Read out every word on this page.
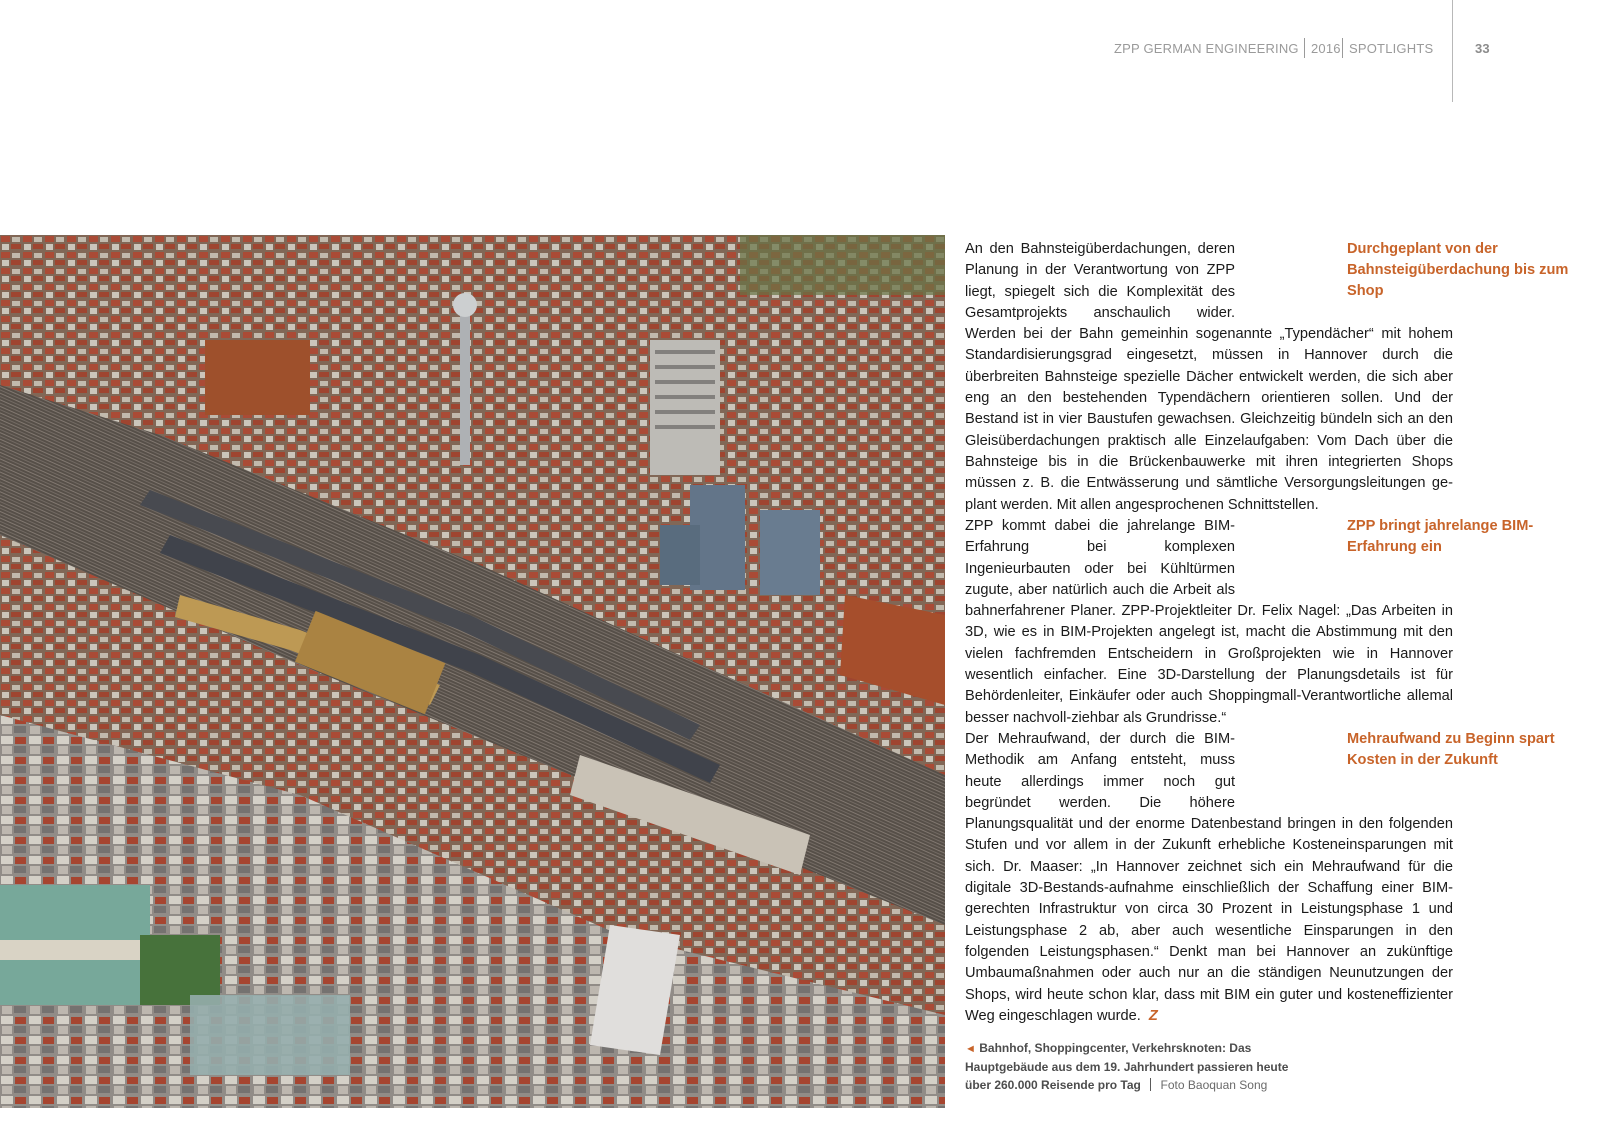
ZPP GERMAN ENGINEERING 2016 SPOTLIGHTS	33

An den Bahnsteigüberdachungen, deren Planung in der Verantwortung von ZPP liegt, spiegelt sich die Komplexität des Gesamtprojekts anschaulich wider. Werden bei der Bahn gemeinhin sogenannte „Typendächer“ mit hohem Standardisierungsgrad eingesetzt, müssen in Hannover durch die überbreiten Bahnsteige spezielle Dächer entwickelt werden, die sich aber eng an den bestehenden Typendächern orientieren sollen. Und der Bestand ist in vier Baustufen gewachsen. Gleichzeitig bündeln sich an den Gleisüberdachungen praktisch alle Einzelaufgaben: Vom Dach über die Bahnsteige bis in die Brückenbauwerke mit ihren integrierten Shops müssen z. B. die Entwässerung und sämtliche Versorgungsleitungen ge-plant werden. Mit allen angesprochenen Schnittstellen.

Durchgeplant von der Bahnsteigüberdachung bis zum Shop

ZPP kommt dabei die jahrelange BIM-Erfahrung bei komplexen Ingenieurbauten oder bei Kühltürmen zugute, aber natürlich auch die Arbeit als bahnerfahrener Planer. ZPP-Projektleiter Dr. Felix Nagel: „Das Arbeiten in 3D, wie es in BIM-Projekten angelegt ist, macht die Abstimmung mit den vielen fachfremden Entscheidern in Großprojekten wie in Hannover wesentlich einfacher. Eine 3D-Darstellung der Planungsdetails ist für Behördenleiter, Einkäufer oder auch Shoppingmall-Verantwortliche allemal besser nachvoll-ziehbar als Grundrisse.“

ZPP bringt jahrelange BIM-Erfahrung ein

Der Mehraufwand, der durch die BIM-Methodik am Anfang entsteht, muss heute allerdings immer noch gut begründet werden. Die höhere Planungsqualität und der enorme Datenbestand bringen in den folgenden Stufen und vor allem in der Zukunft erhebliche Kosteneinsparungen mit sich. Dr. Maaser: „In Hannover zeichnet sich ein Mehraufwand für die digitale 3D-Bestands-aufnahme einschließlich der Schaffung einer BIM-gerechten Infrastruktur von circa 30 Prozent in Leistungsphase 1 und Leistungsphase 2 ab, aber auch wesentliche Einsparungen in den folgenden Leistungsphasen.“ Denkt man bei Hannover an zukünftige Umbaumaßnahmen oder auch nur an die ständigen Neunutzungen der Shops, wird heute schon klar, dass mit BIM ein guter und kosteneffizienter Weg eingeschlagen wurde. Z

Mehraufwand zu Beginn spart Kosten in der Zukunft

◄ Bahnhof, Shoppingcenter, Verkehrsknoten: Das Hauptgebäude aus dem 19. Jahrhundert passieren heute über 260.000 Reisende pro Tag Foto Baoquan Song
